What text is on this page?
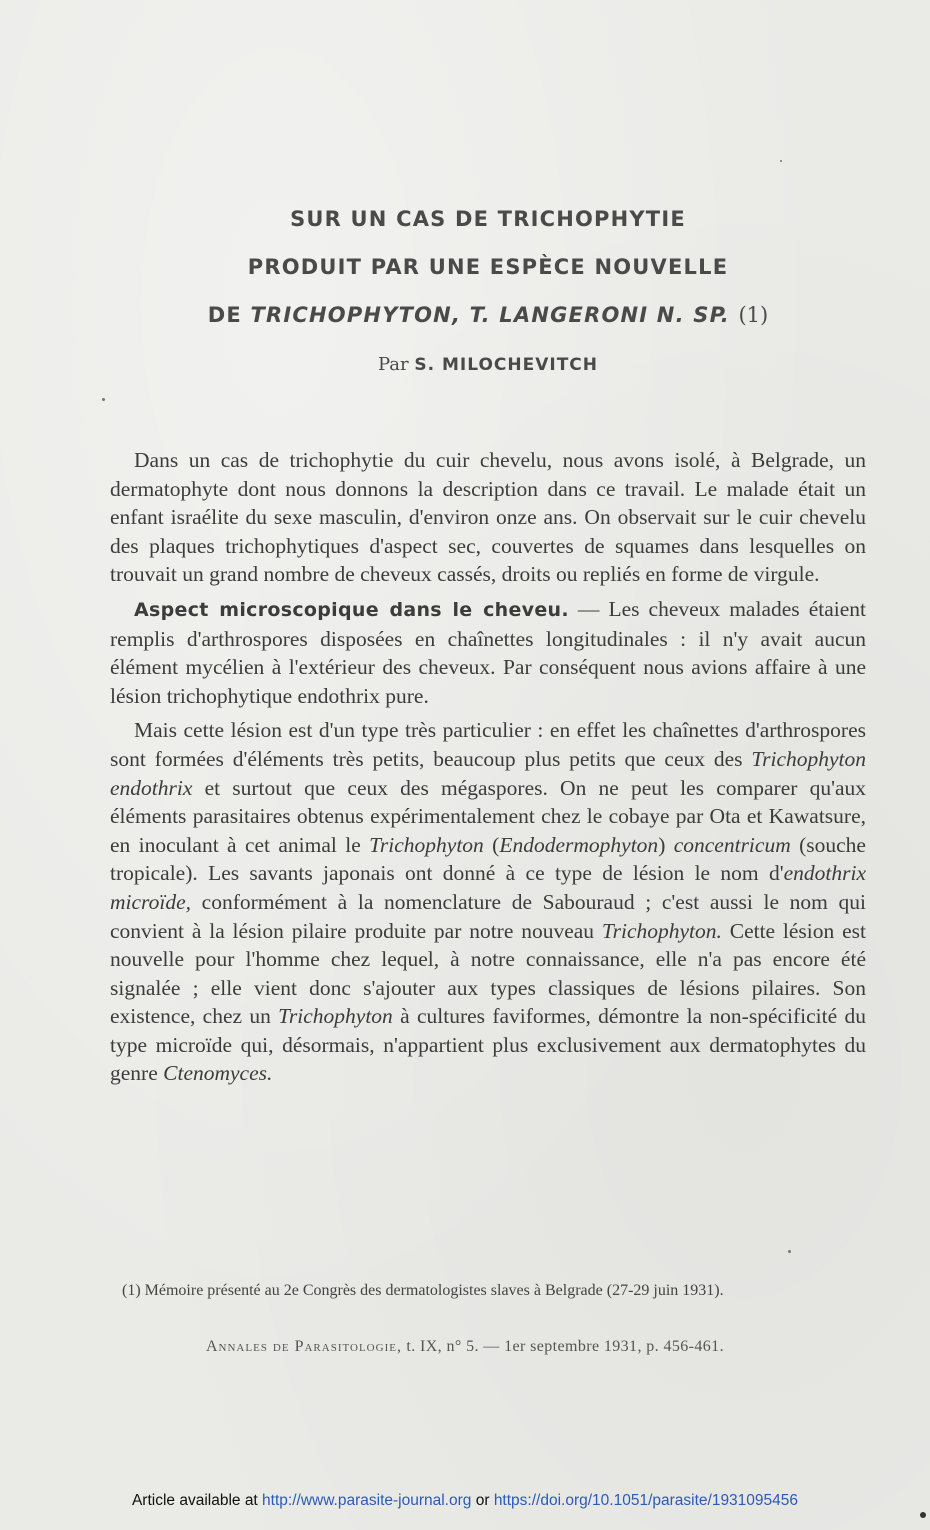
SUR UN CAS DE TRICHOPHYTIE
PRODUIT PAR UNE ESPÈCE NOUVELLE
DE TRICHOPHYTON, T. LANGERONI N. SP. (1)
Par S. MILOCHEVITCH

Dans un cas de trichophytie du cuir chevelu, nous avons isolé, à Belgrade, un dermatophyte dont nous donnons la description dans ce travail. Le malade était un enfant israélite du sexe masculin, d'environ onze ans. On observait sur le cuir chevelu des plaques trichophytiques d'aspect sec, couvertes de squames dans lesquelles on trouvait un grand nombre de cheveux cassés, droits ou repliés en forme de virgule.

Aspect microscopique dans le cheveu. — Les cheveux malades étaient remplis d'arthrospores disposées en chaînettes longitudinales : il n'y avait aucun élément mycélien à l'extérieur des cheveux. Par conséquent nous avions affaire à une lésion trichophytique endothrix pure.

Mais cette lésion est d'un type très particulier : en effet les chaînettes d'arthrospores sont formées d'éléments très petits, beaucoup plus petits que ceux des Trichophyton endothrix et surtout que ceux des mégaspores. On ne peut les comparer qu'aux éléments parasitaires obtenus expérimentalement chez le cobaye par Ota et Kawatsure, en inoculant à cet animal le Trichophyton (Endodermophyton) concentricum (souche tropicale). Les savants japonais ont donné à ce type de lésion le nom d'endothrix microïde, conformément à la nomenclature de Sabouraud ; c'est aussi le nom qui convient à la lésion pilaire produite par notre nouveau Trichophyton. Cette lésion est nouvelle pour l'homme chez lequel, à notre connaissance, elle n'a pas encore été signalée ; elle vient donc s'ajouter aux types classiques de lésions pilaires. Son existence, chez un Trichophyton à cultures faviformes, démontre la non-spécificité du type microïde qui, désormais, n'appartient plus exclusivement aux dermatophytes du genre Ctenomyces.

(1) Mémoire présenté au 2e Congrès des dermatologistes slaves à Belgrade (27-29 juin 1931).
Annales de Parasitologie, t. IX, n° 5. — 1er septembre 1931, p. 456-461.
Article available at http://www.parasite-journal.org or https://doi.org/10.1051/parasite/1931095456
